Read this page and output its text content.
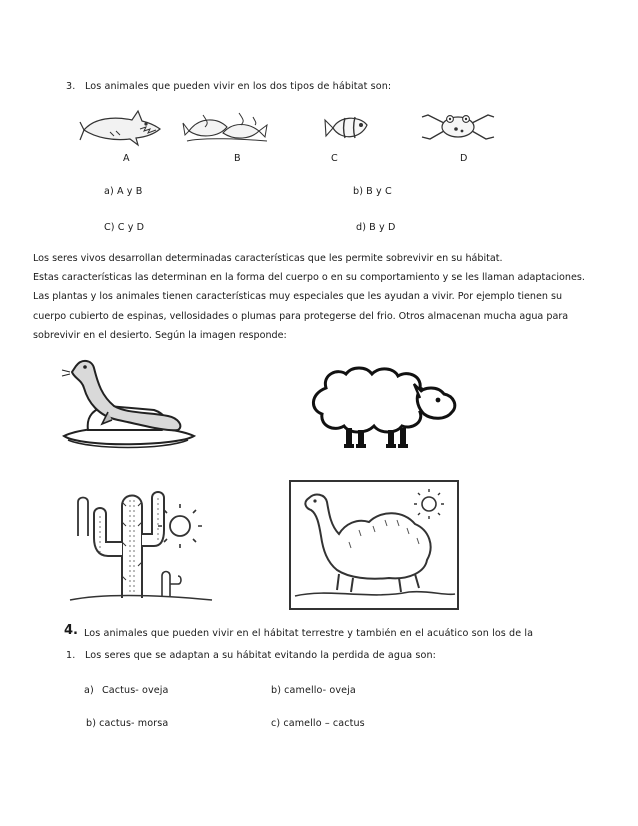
3. Los animales que pueden vivir en los dos tipos de hábitat son:
A	B	C	D
a) A y B	b) B y C
C) C y D	d) B y D
Los seres vivos desarrollan determinadas características que les permite sobrevivir en su hábitat.
Estas características las determinan en la forma del cuerpo o en su comportamiento y se les llaman adaptaciones.
Las plantas y los animales tienen características muy especiales que les ayudan a vivir. Por ejemplo tienen su
cuerpo cubierto de espinas, vellosidades o plumas para protegerse del frio. Otros almacenan mucha agua para
sobrevivir en el desierto. Según la imagen responde:
4. Los animales que pueden vivir en el hábitat terrestre y también en el acuático son los de la
1. Los seres que se adaptan a su hábitat evitando la perdida de agua son:
a) Cactus- oveja	b) camello- oveja
b) cactus- morsa	c) camello – cactus
